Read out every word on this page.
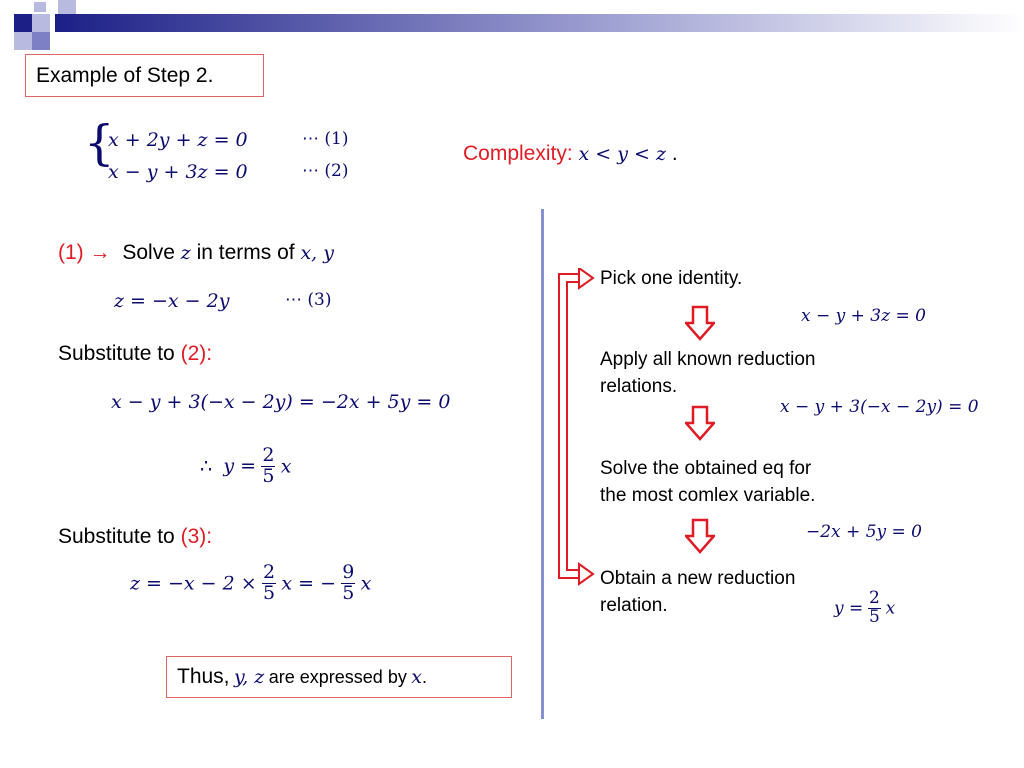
Example of Step 2.
{
x + 2y + z = 0	⋯ (1)
x − y + 3z = 0	⋯ (2)
Complexity: x < y < z .
(1) → Solve z in terms of x, y
z = −x − 2y	⋯ (3)
Substitute to (2):
x − y + 3(−x − 2y) = −2x + 5y = 0
∴ $y = \frac{2}{5}$ x
Substitute to (3):
$z = -x - 2 \times \frac{2}{5}$ x = − $\frac{9}{5}$ x
Thus, y, z are expressed by x.
Pick one identity.
x − y + 3z = 0
Apply all known reduction
relations.
x − y + 3(−x − 2y) = 0
Solve the obtained eq for
the most comlex variable.
−2x + 5y = 0
Obtain a new reduction
relation.	$y = \frac{2}{5}$ x
